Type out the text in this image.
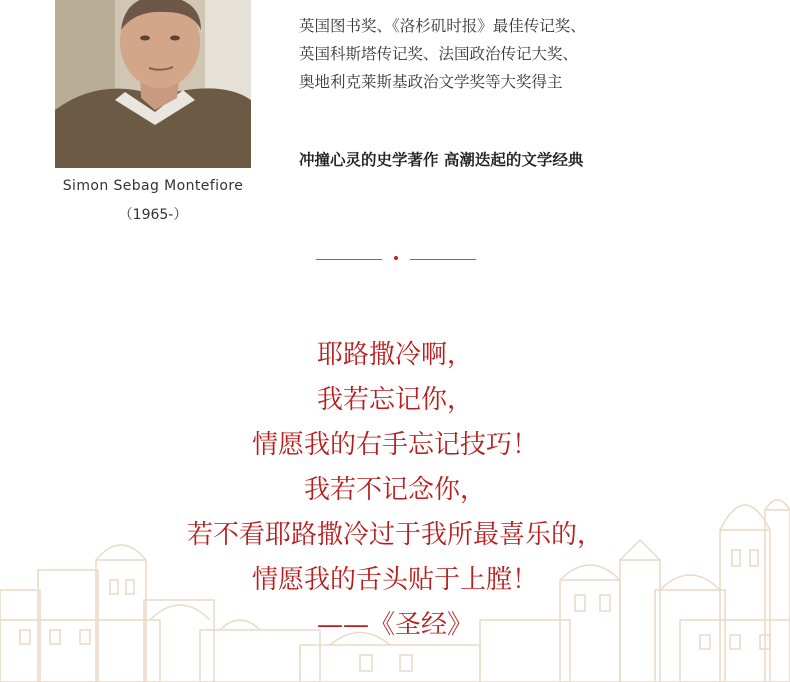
Simon Sebag Montefiore
（1965-）
英国图书奖、《洛杉矶时报》最佳传记奖、
英国科斯塔传记奖、法国政治传记大奖、
奥地利克莱斯基政治文学奖等大奖得主
冲撞心灵的史学著作 高潮迭起的文学经典
耶路撒冷啊，
我若忘记你，
情愿我的右手忘记技巧！
我若不记念你，
若不看耶路撒冷过于我所最喜乐的，
情愿我的舌头贴于上膛！
——《圣经》
